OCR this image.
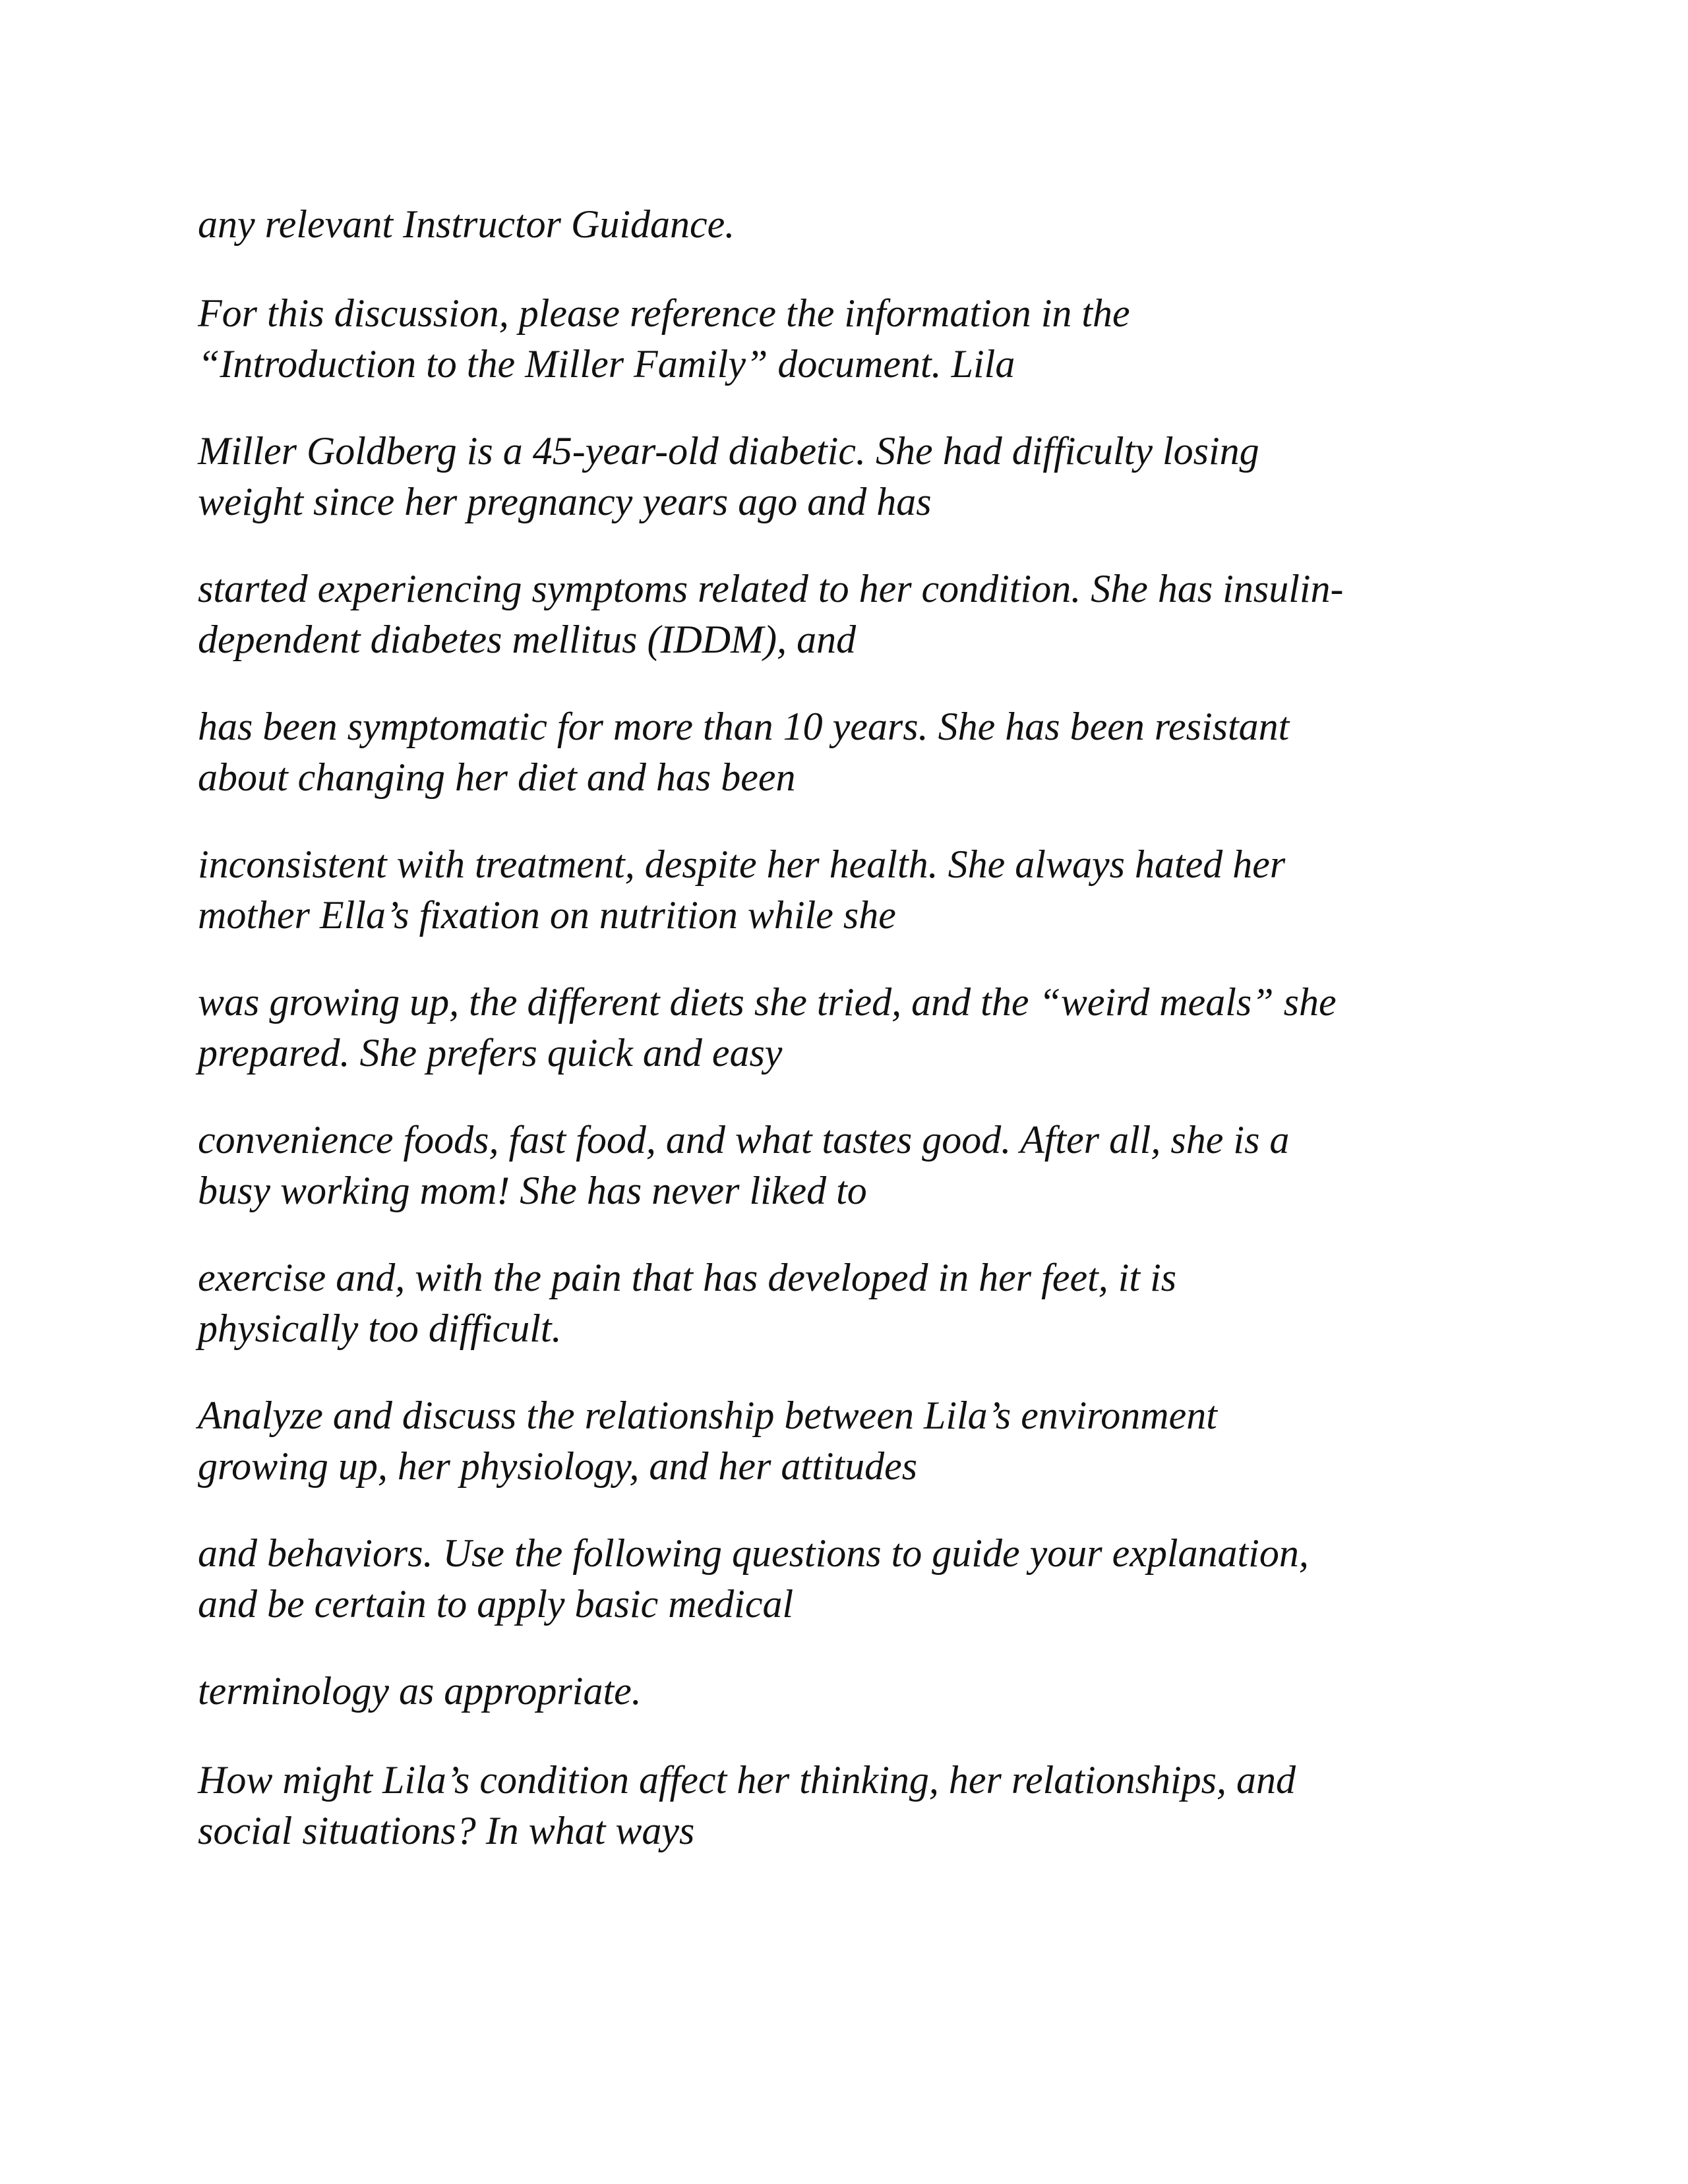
any relevant Instructor Guidance.

For this discussion, please reference the information in the
“Introduction to the Miller Family” document. Lila

Miller Goldberg is a 45-year-old diabetic. She had difficulty losing
weight since her pregnancy years ago and has

started experiencing symptoms related to her condition. She has insulin-
dependent diabetes mellitus (IDDM), and

has been symptomatic for more than 10 years. She has been resistant
about changing her diet and has been

inconsistent with treatment, despite her health. She always hated her
mother Ella’s fixation on nutrition while she

was growing up, the different diets she tried, and the “weird meals” she
prepared. She prefers quick and easy

convenience foods, fast food, and what tastes good. After all, she is a
busy working mom! She has never liked to

exercise and, with the pain that has developed in her feet, it is
physically too difficult.

Analyze and discuss the relationship between Lila’s environment
growing up, her physiology, and her attitudes

and behaviors. Use the following questions to guide your explanation,
and be certain to apply basic medical

terminology as appropriate.

How might Lila’s condition affect her thinking, her relationships, and
social situations? In what ways
